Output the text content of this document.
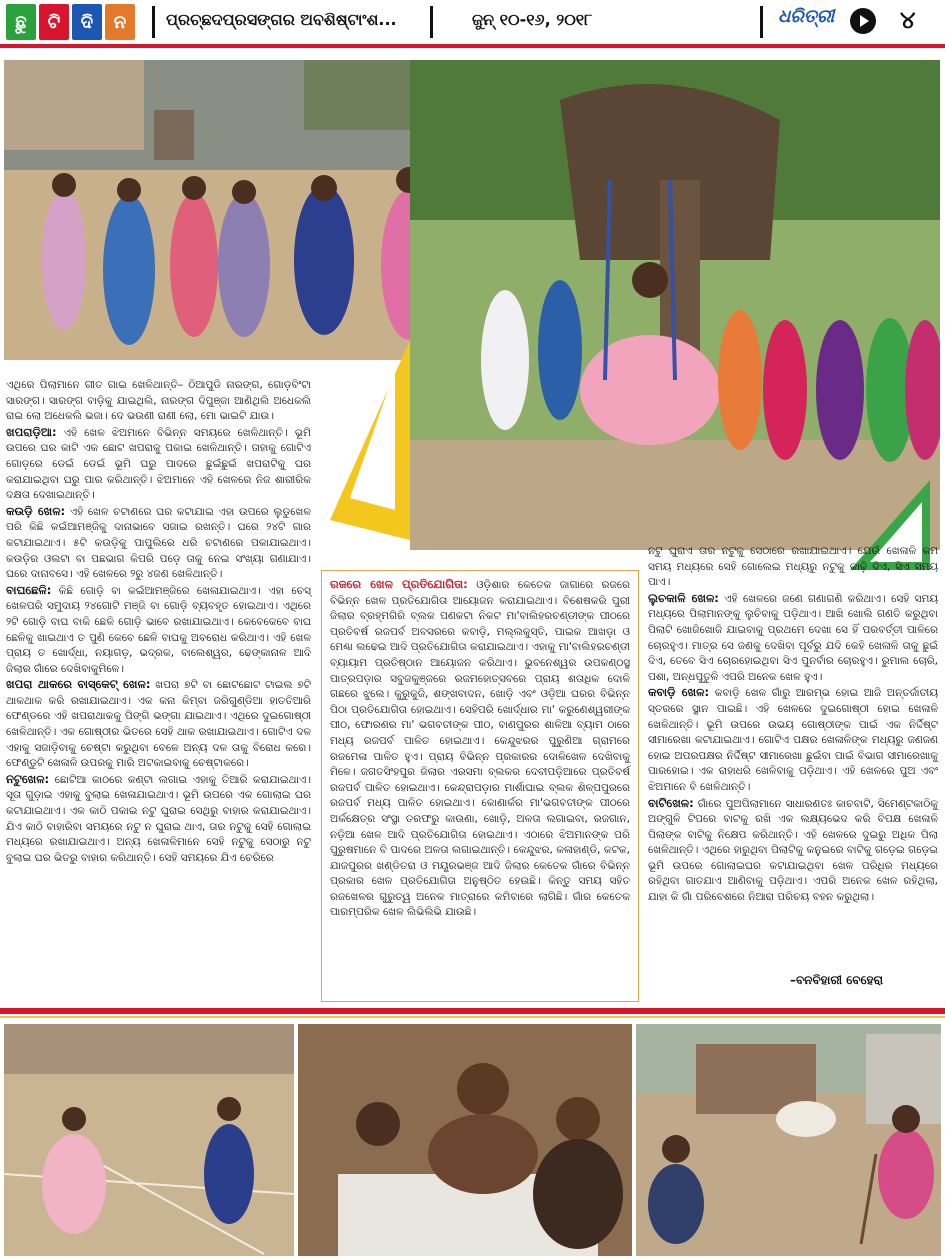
ଛୁ	ଟି	ଦି	ନ	ପ୍ରଚ୍ଛଦପ୍ରସଙ୍ଗର ଅବଶିଷ୍ଟାଂଶ...	ଜୁନ୍ ୧୦-୧୬, ୨୦୧୮	ଧରିତ୍ରୀ	୪

ଏଥିରେ ପିଲାମାନେ ଗୀତ ଗାଇ ଖେଳିଥାନ୍ତି– ଠିଆପୁଡି ନାରଙ୍ଗ, ଗୋଡ଼ବିଂଟା ସାରଙ୍ଗ। ସାରଙ୍ଗ ବାଡ଼ିକୁ ଯାଇଥିଲି, ନାରଙ୍ଗ ଦିପୁଞ୍ଜା ଆଣିଥିଲି ଅଧେକଲି ରାଇ ଲୋ ଅଧେକଲି ଭଜା। ଦେ ଭଉଣୀ ରାଣୀ ଲୋ, ମୋ ଭାଇଟି ଯାଉ।

ଖପରାଡ଼ିଆ: ଏହି ଖେଳ ଝିଅମାନେ ବିଭିନ୍ନ ସମୟରେ ଖେଳିଥାନ୍ତି। ଭୂମି ଉପରେ ଘର କାଟି ଏକ ଛୋଟ ଖପରାକୁ ପକାଇ ଖେଳିଥାନ୍ତି। ତାହାକୁ ଗୋଟିଏ ଗୋଡ଼ରେ ଡେଇଁ ଡେଇଁ ଭୂମି ଘରୁ ପାଦରେ ଛୁଇଁଛୁଇଁ ଖପରାଟିକୁ ଘର କରାଯାଇଥିବା ଘରୁ ପାର କରିଥାନ୍ତି। ଝିଅମାନେ ଏହି ଖେଳରେ ନିଜ ଶାରୀରିକ ଦକ୍ଷତା ଦେଖାଇଥାନ୍ତି।

କଉଡ଼ି ଖେଳ: ଏହି ଖେଳ ଚଟାଣରେ ଘର କଟାଯାଇ ଏହା ଉପରେ ଲୁଡୁଖେଳ ପରି କିଛି କଇଁଆମଞ୍ଜିକୁ ଦାନାଭାବେ ସଜାଇ ରଖନ୍ତି। ଘରେ ୨୪ଟି ଗାର କଟାଯାଇଥାଏ। ୫ଟି କଉଡ଼ିକୁ ପାପୁଲିରେ ଧରି ଚଟାଣରେ ପକାଯାଇଥାଏ। କଉଡ଼ିର ଓଲଟା ବା ପଛଭାଗ କିପରି ପଡ଼େ ତାକୁ ନେଇ ସଂଖ୍ୟା ଗଣାଯାଏ। ଘରେ ଦାନାବସେ। ଏହି ଖେଳରେ ୨ରୁ ୪ଜଣ ଖେଳିଥାନ୍ତି।

ବାଘଛେଳି: କିଛି ଗୋଡ଼ି ବା କଇଁଆମଞ୍ଜିରେ ଖେଳାଯାଇଥାଏ। ଏହା ଚେସ୍ ଖେଳପରି ସମୁଦାୟ ୨୪ଗୋଟି ମଞ୍ଜି ବା ଗୋଡ଼ି ବ୍ୟବହୃତ ହୋଇଥାଏ। ଏଥିରେ ୨ଟି ଗୋଡ଼ି ବାଘ ବାକି ଛେଳି ଗୋଡ଼ି ଭାବେ ରଖାଯାଇଥାଏ। କେବେକେବେ ବାଘ ଛେଳିକୁ ଖାଇଥାଏ ତ ପୁଣି କେବେ ଛେଳି ବାଘକୁ ଅବରୋଧ କରିଥାଏ। ଏହି ଖେଳ ପ୍ରାୟ ତ ଖୋର୍ଦ୍ଧା, ନୟାଗଡ଼, ଭଦ୍ରକ, ବାଲେଶ୍ୱର, ଢେଙ୍କାନାଳ ଆଦି ଜିଲାର ଗାଁରେ ଦେଖିବାକୁମିଳେ।

ଖପରା ଥାକରେ ବାସ୍କେଟ୍ ଖେଳ: ଖପରା ୭ଟି ବା ଛୋଟଛୋଟ ଟାଇଲ ୭ଟି ଥାକଥାକ କରି ରଖାଯାଇଥାଏ। ଏକ କନା କିମ୍ବା ଜରିଗୁଣ୍ଡିଆ ହାତତିଆରି ଫେଣ୍ଡରେ ଏହି ଖପରାଥାକକୁ ପିଙ୍ଗି ଭଙ୍ଗା ଯାଇଥାଏ। ଏଥିରେ ଦୁଇଗୋଷ୍ଠୀ ଖେଳିଥାନ୍ତି। ଏକ ଗୋଷ୍ଠୀର ଭିତରେ ସେହି ଥାକ ରଖାଯାଇଥାଏ। ଗୋଟିଏ ଦଳ ଏହାକୁ ସଜାଡ଼ିବାକୁ ଚେଷ୍ଟା କରୁଥିବା ବେଳେ ଅନ୍ୟ ଦଳ ତାକୁ ବିରୋଧ କରେ। ଫେଣ୍ଡୁଟି ଖେଳାଳି ଉପରକୁ ମାରି ଅଟକାଇବାକୁ ଚେଷ୍ଟାକରେ।

ନଟୁଖେଳ: ଛୋଟିଆ କାଠରେ କଣ୍ଟା ଲଗାଇ ଏହାକୁ ତିଆରି କରାଯାଇଥାଏ। ସୂତା ଗୁଡ଼ାଇ ଏହାକୁ ବୁଲାଇ ଖେଳାଯାଇଥାଏ। ଭୂମି ଉପରେ ଏକ ଗୋଲାଇ ଘର କଟାଯାଇଥାଏ। ଏକ କାଠି ପକାଇ ନଟୁ ଘୁରାଇ ସେଥିରୁ ବାହାର କରାଯାଇଥାଏ। ଯିଏ କାଠି ବାହାରିବା ସମୟରେ ନଟୁ ନ ଘୁରାଇ ଥାଏ, ତାର ନଟୁକୁ ସେହି ଗୋଲାଇ ମଧ୍ୟରେ ରଖାଯାଇଥାଏ। ଅନ୍ୟ ଖେଳାଳିମାନେ ସେହି ନଟୁକୁ ସେଠାରୁ ନଟୁ ବୁଲାଇ ଘର ଭିତରୁ ବାହାର କରିଥାନ୍ତି। ସେହି ସମୟରେ ଯିଏ ଚେରିରେ

ରଜରେ ଖେଳ ପ୍ରତିଯୋଗିତା: ଓଡ଼ିଶାର କେତେକ ଜାଗାରେ ରଜରେ ବିଭିନ୍ନ ଖେଳ ପ୍ରତିଯୋଗିତା ଆୟୋଜନ କରାଯାଇଥାଏ। ବିଶେଷକରି ପୁରୀ ଜିଲାର ବ୍ରହ୍ମଗିରି ବ୍ଲକ ପଣକଟା ନିକଟ ମା'ବାଲିହରଚଣ୍ଡୀଙ୍କ ପୀଠରେ ପ୍ରତିବର୍ଷ ରଜପର୍ବ ଅବସରରେ କବାଡ଼ି, ମଲ୍ଲକୁସ୍ତି, ପାଇକ ଆଖଡ଼ା ଓ ମେଣ୍ଢା ଲଢେଇ ଆଦି ପ୍ରତିଯୋଗିତା କରାଯାଇଥାଏ। ଏହାକୁ ମା'ବାଲିହରଚଣ୍ଡୀ ବ୍ୟାୟାମ ପ୍ରତିଷ୍ଠାନ ଆୟୋଜନ କରିଥାଏ। ଭୁବନେଶ୍ୱର ଉପକଣ୍ଠସ୍ଥ ପାତ୍ରପଡ଼ାର ସବୁଜକୁଞ୍ଜରେ ରଜମହୋତ୍ସବରେ ପ୍ରାୟ ଶତାଧିକ ଦୋଳି ଗଛରେ ଝୁଲେ। କୁରୁକୁଜି, ଶଙ୍ଖବାଦନ, ଖୋଡ଼ି ଏବଂ ଓଡ଼ିଆ ଘରର ବିଭିନ୍ନ ପିଠା ପ୍ରତିଯୋଗିତା ହୋଇଥାଏ। ସେହିପରି ଖୋର୍ଦ୍ଧାର ମା' କରୁଣେଶ୍ୱରୀଙ୍କ ପୀଠ, ଫୋରଣର ମା' ଭଗବତୀଙ୍କ ପୀଠ, ବାଣପୁରର ଶାଳିଆ ବ୍ୟାମ ଠାରେ ମଧ୍ୟ ରଜପର୍ବ ପାଳିତ ହୋଇଥାଏ। କେନ୍ଦୁଝରର ପୁରୁଣିଆ ଗ୍ରାମରେ ରଜମେଳା ପାଳିତ ହୁଏ। ପ୍ରାୟ ବିଭିନ୍ନ ପ୍ରକାରର ଦୋଳିଖେଳ ଦେଖିବାକୁ ମିଳେ। ଜଗତସିଂହପୁର ଜିଲାର ଏରସମା ବ୍ଲକର ଦେବୀପଡ଼ିଆରେ ପ୍ରତିବର୍ଷ ରଜପର୍ବ ପାଳିତ ହୋଇଥାଏ। କେନ୍ଦ୍ରାପଡ଼ାର ମାର୍ଶାଘାଇ ବ୍ଲକ ଶିଳ୍ପପୁରରେ ରଜପର୍ବ ମଧ୍ୟ ପାଳିତ ହୋଇଥାଏ। କୋଣାର୍କର ମା'ଭଗବତୀଙ୍କ ପୀଠରେ ଅର୍କକ୍ଷେତ୍ର ସଂସ୍ଥା ତରଫରୁ କାଉଣା, ଖୋଡ଼ି, ଅଳତା ଲଗାଇବା, ରଜଗାନ, ନଡ଼ିଆ ଖେଳ ଆଦି ପ୍ରତିଯୋଗିତା ହୋଇଥାଏ। ଏଠାରେ ଝିଅମାନଙ୍କ ପରି ପୁରୁଷମାନେ ବି ପାଦରେ ଅଳତା ଲଗାଇଥାନ୍ତି। କେନ୍ଦୁଝର, କଳାହାଣ୍ଡି, କଟକ, ଯାଜପୁରର ଖଣ୍ଡିତରା ଓ ମୟୂରଭଞ୍ଜ ଆଦି ଜିଲାର କେତେକ ଗାଁରେ ବିଭିନ୍ନ ପ୍ରକାର ଖେଳ ପ୍ରତିଯୋଗିତା ଅନୁଷ୍ଠିତ ହେଉଛି। କିନ୍ତୁ ସମୟ ସହିତ ରଜଖେଳର ଗୁରୁତ୍ୱ ଅନେକ ମାତ୍ରାରେ କମିବାରେ ଲାଗିଛି। ଗାଁର କେତେକ ପାରମ୍ପରିକ ଖେଳ ଲିଭିଲିଭି ଯାଉଛି।

ନଟୁ ଘୁରାଏ ତାର ନଟୁକୁ ସେଠାରେ ରଖାଯାଇଥାଏ। ଯେଉଁ ଖେଳାଳି କମ ସମୟ ମଧ୍ୟରେ ସେହି ଗୋଲେଇ ମଧ୍ୟରୁ ନଟୁକୁ କାଢ଼ି ଦିଏ, ସିଏ ସମୟ ପାଏ।

ଲୁଚକାଳି ଖେଳ: ଏହି ଖେଳରେ ଜଣେ ଗଣାଗଣି କରିଥାଏ। ସେହି ସମୟ ମଧ୍ୟରେ ପିଲାମାନଙ୍କୁ ଲୁଚିବାକୁ ପଡ଼ିଥାଏ। ଆଖି ଖୋଲି ଗଣତି କରୁଥିବା ପିଲାଟି ଖୋଜିଖୋଜି ଯାଇବାକୁ ପ୍ରଥମେ ଦେଖା ସେ ହିଁ ପରବର୍ତ୍ତୀ ପାଳିରେ ଚୋରହୁଏ। ମାତ୍ର ସେ ଜଣକୁ ଦେଖିବା ପୂର୍ବରୁ ଯଦି କେହି ଖେଳାଳି ତାକୁ ଛୁଇଁ ଦିଏ, ତେବେ ସିଏ ଚୋରହୋଇଥିବା ସିଏ ପୁନର୍ବାର ଚୋରହୁଏ। ରୁମାଲ ଚୋରି, ପଶା, ଅନ୍ଧପୁତୁଳି ଏପରି ଅନେକ ଖେଳ ହୁଏ।

କବାଡ଼ି ଖେଳ: କବାଡ଼ି ଖେଳ ଗାଁରୁ ଆରମ୍ଭ ହୋଇ ଆଜି ଅନ୍ତର୍ଜାତୀୟ ସ୍ତରରେ ସ୍ଥାନ ପାଇଛି। ଏହି ଖେଳରେ ଦୁଇଗୋଷ୍ଠୀ ହୋଇ ଖେଳାଳି ଖେଳିଥାନ୍ତି। ଭୂମି ଉପରେ ଉଭୟ ଗୋଷ୍ଠୀଙ୍କ ପାଇଁ ଏକ ନିର୍ଦ୍ଦିଷ୍ଟ ସୀମାରେଖା କଟାଯାଇଥାଏ। ଗୋଟିଏ ପକ୍ଷର ଖେଳାଳିଙ୍କ ମଧ୍ୟରୁ ଜଣଜଣ ହୋଇ ଅପରପକ୍ଷର ନିର୍ଦ୍ଦିଷ୍ଟ ସୀମାରେଖା ଛୁଇଁବା ପାଇଁ ବିଭାଗ ସୀମାରେଖାକୁ ପାରହୋଇ। ଏକ ରାହାଧରି ଖେଳିବାକୁ ପଡ଼ିଥାଏ। ଏହି ଖେଳରେ ପୁଅ ଏବଂ ଝିଅମାନେ ବି ଖେଳିଥାନ୍ତି।

ବାଟିଖେଳ: ଗାଁରେ ପୁଅପିଲାମାନେ ସାଧାରଣତଃ କାଚବାଟି, ସିମେଣ୍ଟକାଠିକୁ ଅଙ୍ଗୁଳି ଟିପରେ ବାଟକୁ ରଖି ଏକ ଲକ୍ଷ୍ୟଭେଦ କରି ବିପକ୍ଷ ଖେଳାଳି ପିଲାଙ୍କ ବାଟିକୁ ନିକ୍ଷେପ କରିଥାନ୍ତି। ଏହି ଖେଳରେ ଦୁଇରୁ ଅଧିକ ପିଲା ଖେଳିଥାନ୍ତି। ଏଥିରେ ହାରୁଥିବା ପିଲାଟିକୁ କନୁଇରେ ବାଟିକୁ ଗଡ଼େଇ ଗଡ଼େଇ ଭୂମି ଉପରେ ଗୋଲାଇଘର କଟାଯାଇଥିବା ଖେଳ ପରିଧିର ମଧ୍ୟରେ ରହିଥିବା ଗାତଯାଏ ଆଣିବାକୁ ପଡ଼ିଥାଏ। ଏପରି ଅନେକ ଖେଳ ରହିଥିଲା, ଯାହା କି ଗାଁ ପରିବେଶରେ ନିଆରା ପରିଚୟ ବହନ କରୁଥିଲା।

–ବନବିହାରୀ ବେହେରା
